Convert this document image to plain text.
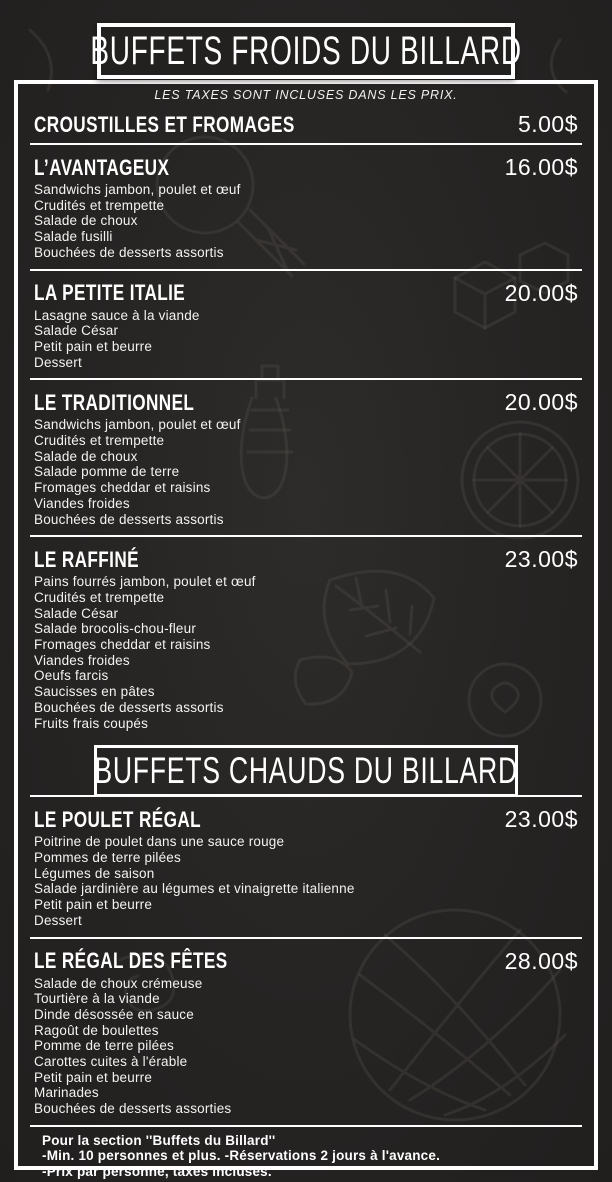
BUFFETS FROIDS DU BILLARD
LES TAXES SONT INCLUSES DANS LES PRIX.
CROUSTILLES ET FROMAGES	5.00$
L’AVANTAGEUX	16.00$
Sandwichs jambon, poulet et œuf
Crudités et trempette
Salade de choux
Salade fusilli
Bouchées de desserts assortis
LA PETITE ITALIE	20.00$
Lasagne sauce à la viande
Salade César
Petit pain et beurre
Dessert
LE TRADITIONNEL	20.00$
Sandwichs jambon, poulet et œuf
Crudités et trempette
Salade de choux
Salade pomme de terre
Fromages cheddar et raisins
Viandes froides
Bouchées de desserts assortis
LE RAFFINÉ	23.00$
Pains fourrés jambon, poulet et œuf
Crudités et trempette
Salade César
Salade brocolis-chou-fleur
Fromages cheddar et raisins
Viandes froides
Oeufs farcis
Saucisses en pâtes
Bouchées de desserts assortis
Fruits frais coupés
BUFFETS CHAUDS DU BILLARD
LE POULET RÉGAL	23.00$
Poitrine de poulet dans une sauce rouge
Pommes de terre pilées
Légumes de saison
Salade jardinière au légumes et vinaigrette italienne
Petit pain et beurre
Dessert
LE RÉGAL DES FÊTES	28.00$
Salade de choux crémeuse
Tourtière à la viande
Dinde désossée en sauce
Ragoût de boulettes
Pomme de terre pilées
Carottes cuites à l'érable
Petit pain et beurre
Marinades
Bouchées de desserts assorties
Pour la section ''Buffets du Billard''
-Min. 10 personnes et plus. -Réservations 2 jours à l'avance.
-Prix par personne, taxes incluses.
